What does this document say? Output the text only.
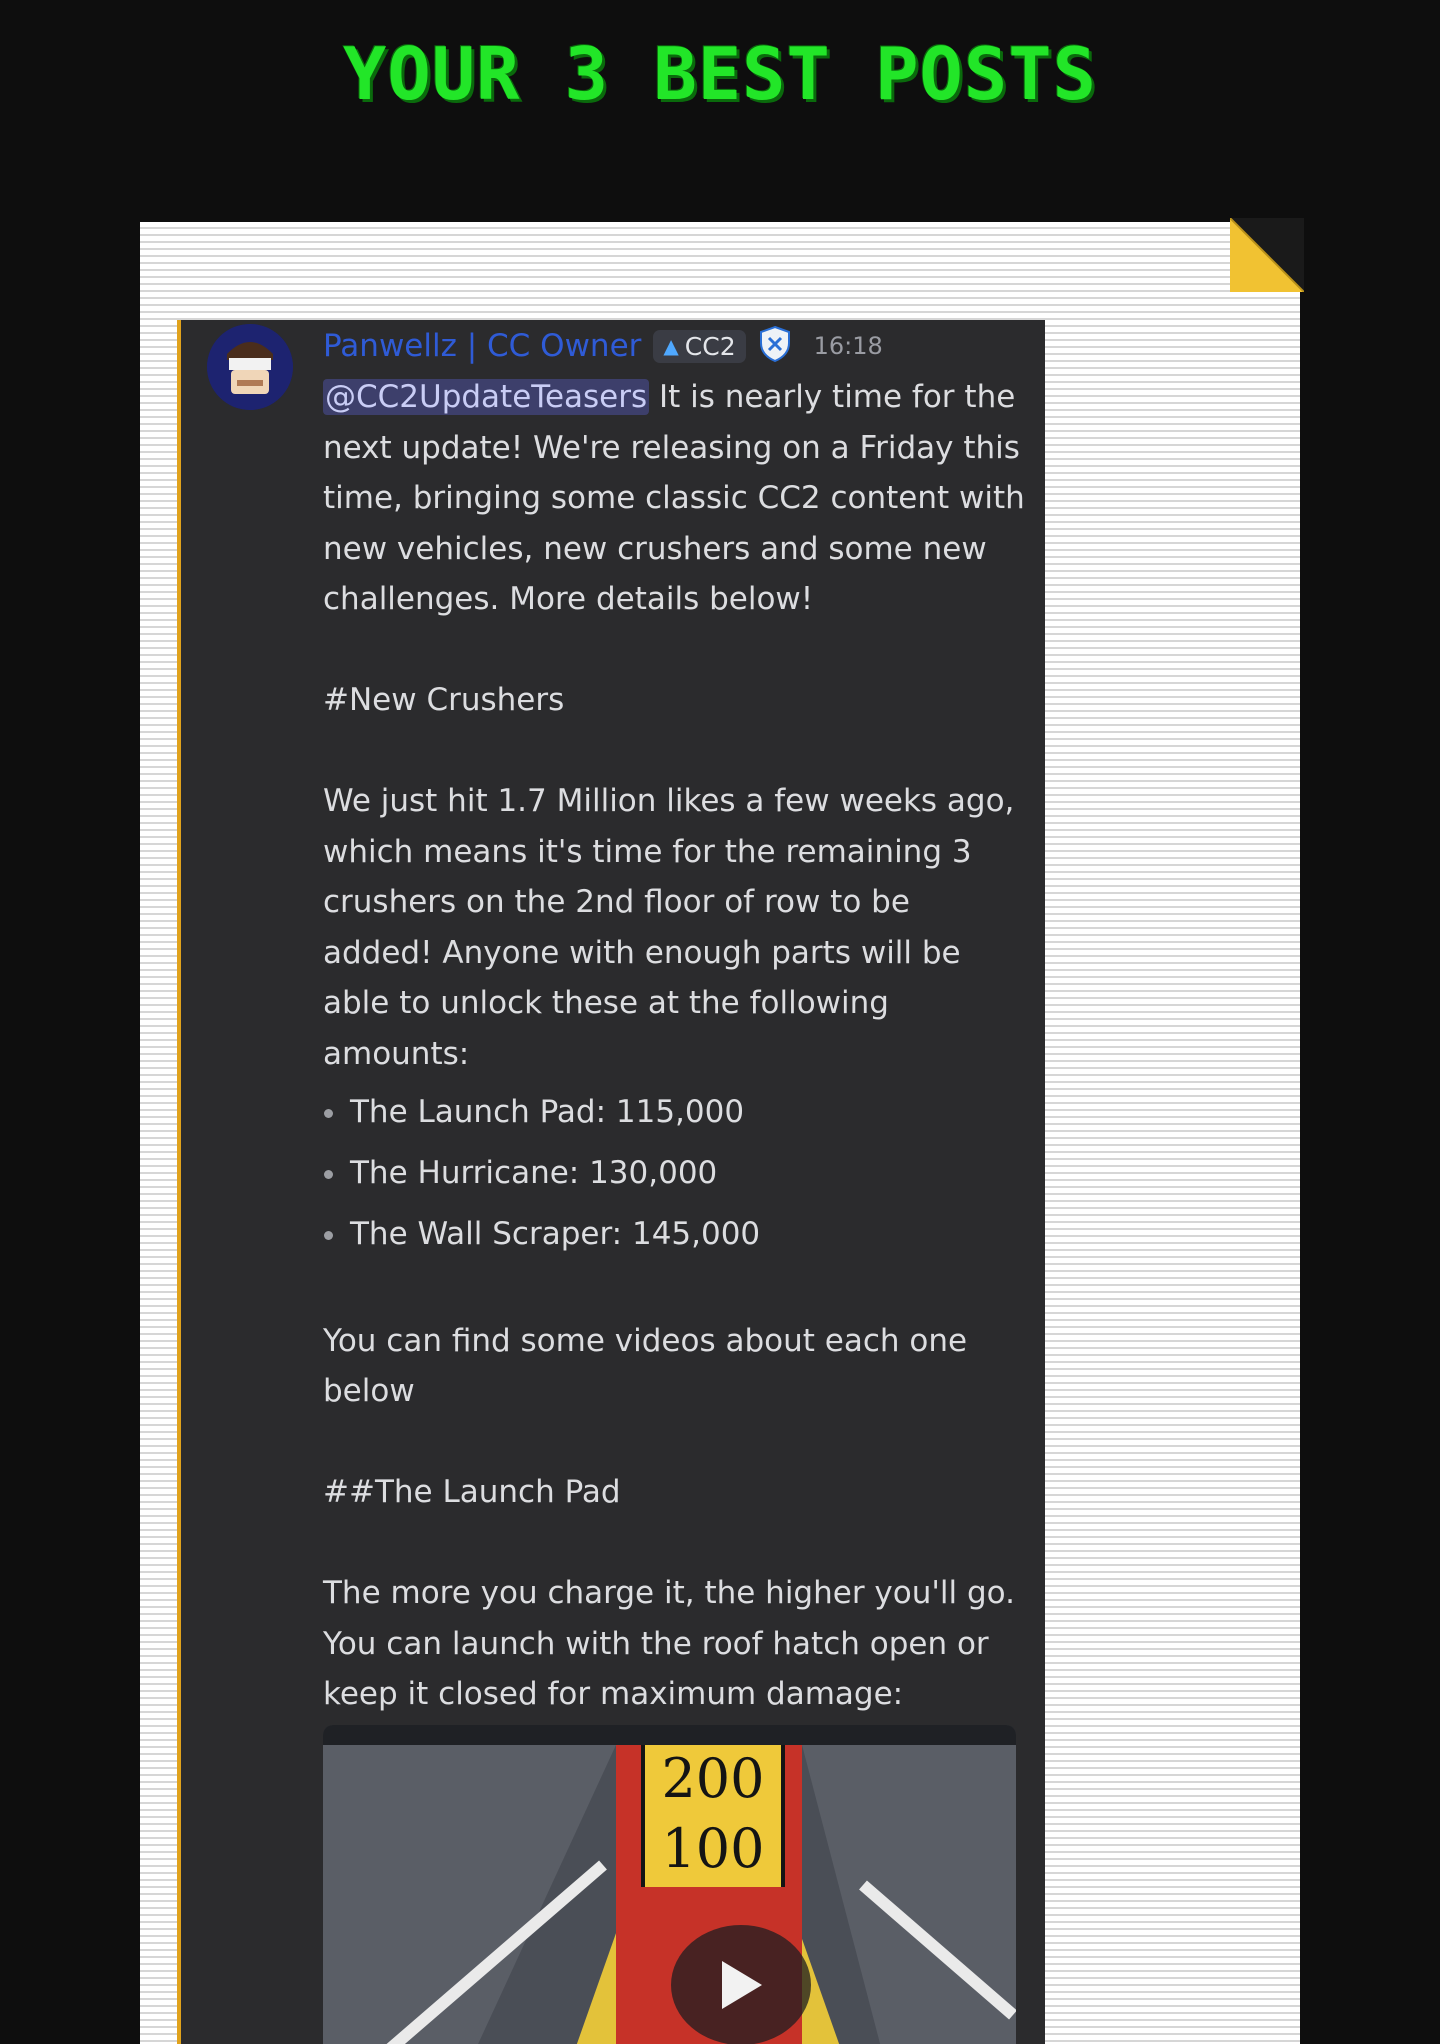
YOUR 3 BEST POSTS
Panwellz | CC Owner ▲ CC2	16:18

@CC2UpdateTeasers It is nearly time for the next update! We're releasing on a Friday this time, bringing some classic CC2 content with new vehicles, new crushers and some new challenges. More details below!

#New Crushers

We just hit 1.7 Million likes a few weeks ago, which means it's time for the remaining 3 crushers on the 2nd floor of row to be added! Anyone with enough parts will be able to unlock these at the following amounts:

The Launch Pad: 115,000
The Hurricane: 130,000
The Wall Scraper: 145,000

You can find some videos about each one below

##The Launch Pad

The more you charge it, the higher you'll go. You can launch with the roof hatch open or keep it closed for maximum damage:

200
100
